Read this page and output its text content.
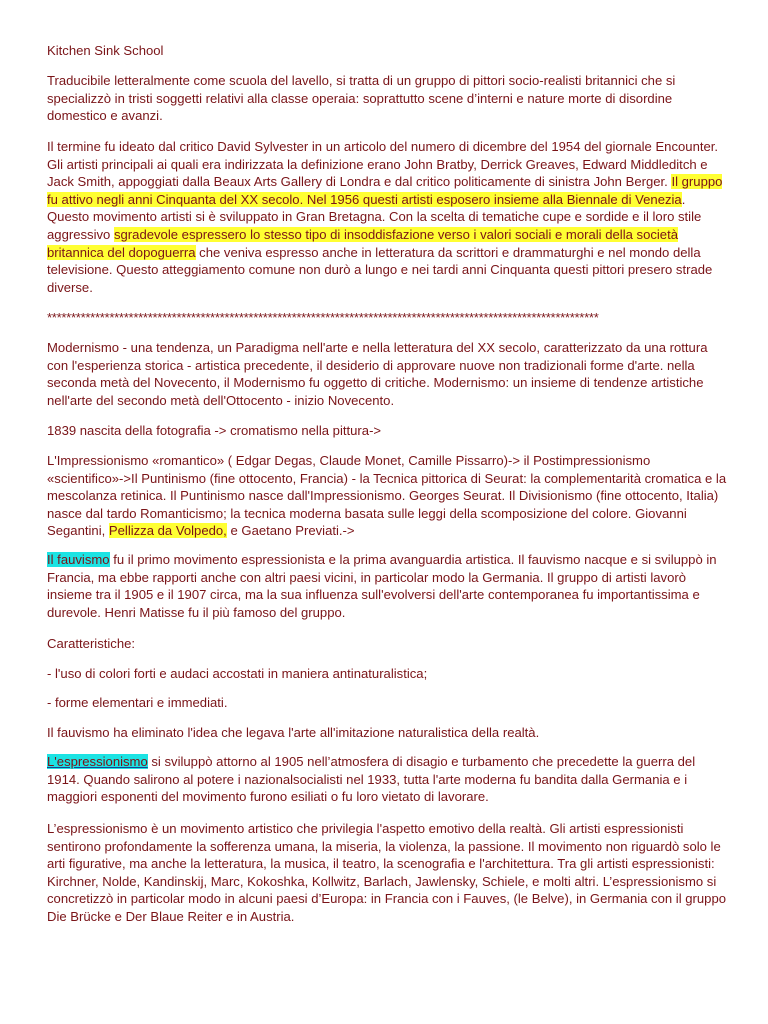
Kitchen Sink School

Traducibile letteralmente come scuola del lavello, si tratta di un gruppo di pittori socio-realisti britannici che si specializzò in tristi soggetti relativi alla classe operaia: soprattutto scene d’interni e nature morte di disordine domestico e avanzi.

Il termine fu ideato dal critico David Sylvester in un articolo del numero di dicembre del 1954 del giornale Encounter. Gli artisti principali ai quali era indirizzata la definizione erano John Bratby, Derrick Greaves, Edward Middleditch e Jack Smith, appoggiati dalla Beaux Arts Gallery di Londra e dal critico politicamente di sinistra John Berger. Il gruppo fu attivo negli anni Cinquanta del XX secolo. Nel 1956 questi artisti esposero insieme alla Biennale di Venezia. Questo movimento artisti si è sviluppato in Gran Bretagna. Con la scelta di tematiche cupe e sordide e il loro stile aggressivo sgradevole espressero lo stesso tipo di insoddisfazione verso i valori sociali e morali della società britannica del dopoguerra che veniva espresso anche in letteratura da scrittori e drammaturghi e nel mondo della televisione. Questo atteggiamento comune non durò a lungo e nei tardi anni Cinquanta questi pittori presero strade diverse.

*******************************************************************************************************************

Modernismo - una tendenza, un Paradigma nell'arte e nella letteratura del XX secolo, caratterizzato da una rottura con l'esperienza storica - artistica precedente, il desiderio di approvare nuove non tradizionali forme d'arte. nella seconda metà del Novecento, il Modernismo fu oggetto di critiche. Modernismo: un insieme di tendenze artistiche nell'arte del secondo metà dell'Ottocento - inizio Novecento.

1839 nascita della fotografia -> cromatismo nella pittura->

L'Impressionismo «romantico» ( Edgar Degas, Claude Monet, Camille Pissarro)-> il Postimpressionismo «scientifico»->Il Puntinismo (fine ottocento, Francia) - la Tecnica pittorica di Seurat: la complementarità cromatica e la mescolanza retinica. Il Puntinismo nasce dall'Impressionismo. Georges Seurat. Il Divisionismo (fine ottocento, Italia) nasce dal tardo Romanticismo; la tecnica moderna basata sulle leggi della scomposizione del colore. Giovanni Segantini, Pellizza da Volpedo, e Gaetano Previati.->

Il fauvismo fu il primo movimento espressionista e la prima avanguardia artistica. Il fauvismo nacque e si sviluppò in Francia, ma ebbe rapporti anche con altri paesi vicini, in particolar modo la Germania. Il gruppo di artisti lavorò insieme tra il 1905 e il 1907 circa, ma la sua influenza sull'evolversi dell'arte contemporanea fu importantissima e durevole. Henri Matisse fu il più famoso del gruppo.

Caratteristiche:

- l'uso di colori forti e audaci accostati in maniera antinaturalistica;

- forme elementari e immediati.

Il fauvismo ha eliminato l'idea che legava l'arte all'imitazione naturalistica della realtà.

L'espressionismo si sviluppò attorno al 1905 nell’atmosfera di disagio e turbamento che precedette la guerra del 1914. Quando salirono al potere i nazionalsocialisti nel 1933, tutta l'arte moderna fu bandita dalla Germania e i maggiori esponenti del movimento furono esiliati o fu loro vietato di lavorare.

L’espressionismo è un movimento artistico che privilegia l'aspetto emotivo della realtà. Gli artisti espressionisti sentirono profondamente la sofferenza umana, la miseria, la violenza, la passione. Il movimento non riguardò solo le arti figurative, ma anche la letteratura, la musica, il teatro, la scenografia e l'architettura. Tra gli artisti espressionisti: Kirchner, Nolde, Kandinskij, Marc, Kokoshka, Kollwitz, Barlach, Jawlensky, Schiele, e molti altri. L’espressionismo si concretizzò in particolar modo in alcuni paesi d’Europa: in Francia con i Fauves, (le Belve), in Germania con il gruppo Die Brücke e Der Blaue Reiter e in Austria.
